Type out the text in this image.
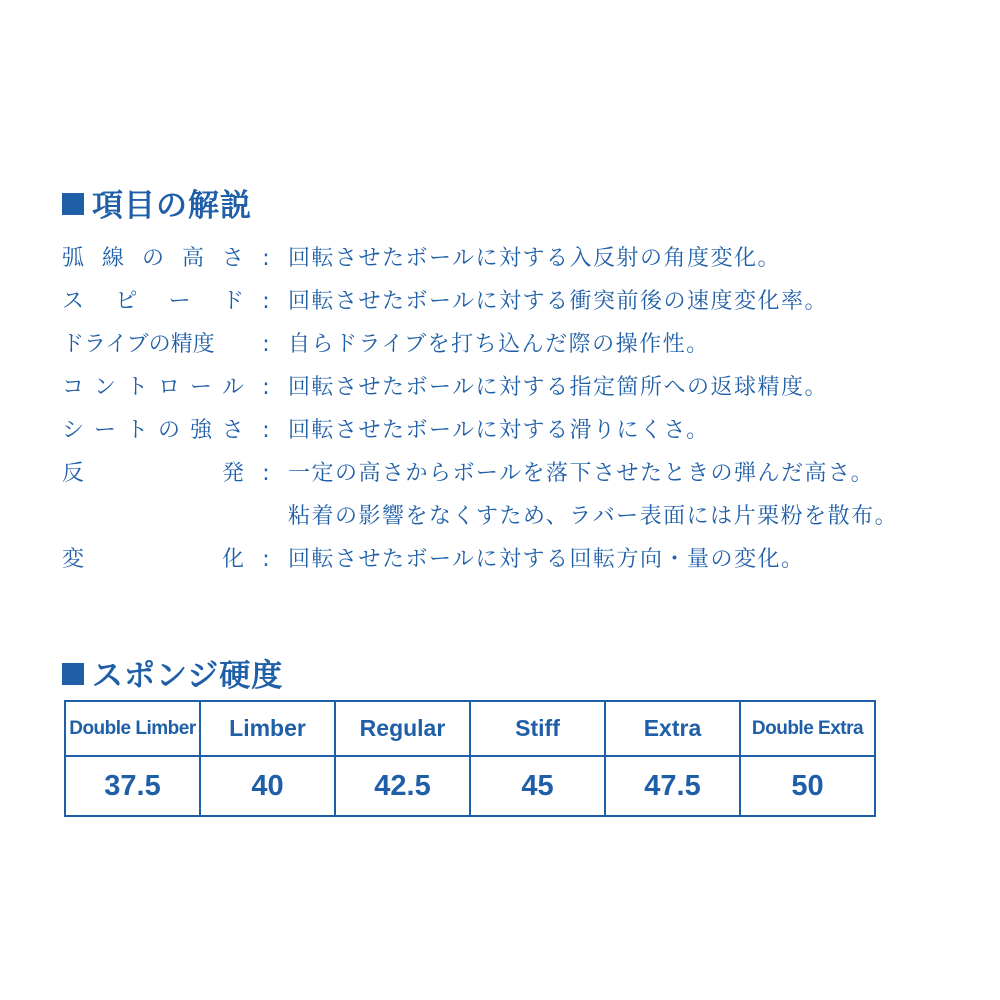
項目の解説
弧 線 の 高 さ : 回転させたボールに対する入反射の角度変化。
ス ピ ー ド : 回転させたボールに対する衝突前後の速度変化率。
ドライブの精度	: 自らドライブを打ち込んだ際の操作性。
コ ン ト ロ ー ル : 回転させたボールに対する指定箇所への返球精度。
シ ー ト の 強 さ : 回転させたボールに対する滑りにくさ。
反	発 : 一定の高さからボールを落下させたときの弾んだ高さ。
粘着の影響をなくすため、ラバー表面には片栗粉を散布。
変	化 : 回転させたボールに対する回転方向・量の変化。
スポンジ硬度
Double Limber	Limber	Regular	Stiff	Extra	Double Extra
37.5	40	42.5	45	47.5	50
